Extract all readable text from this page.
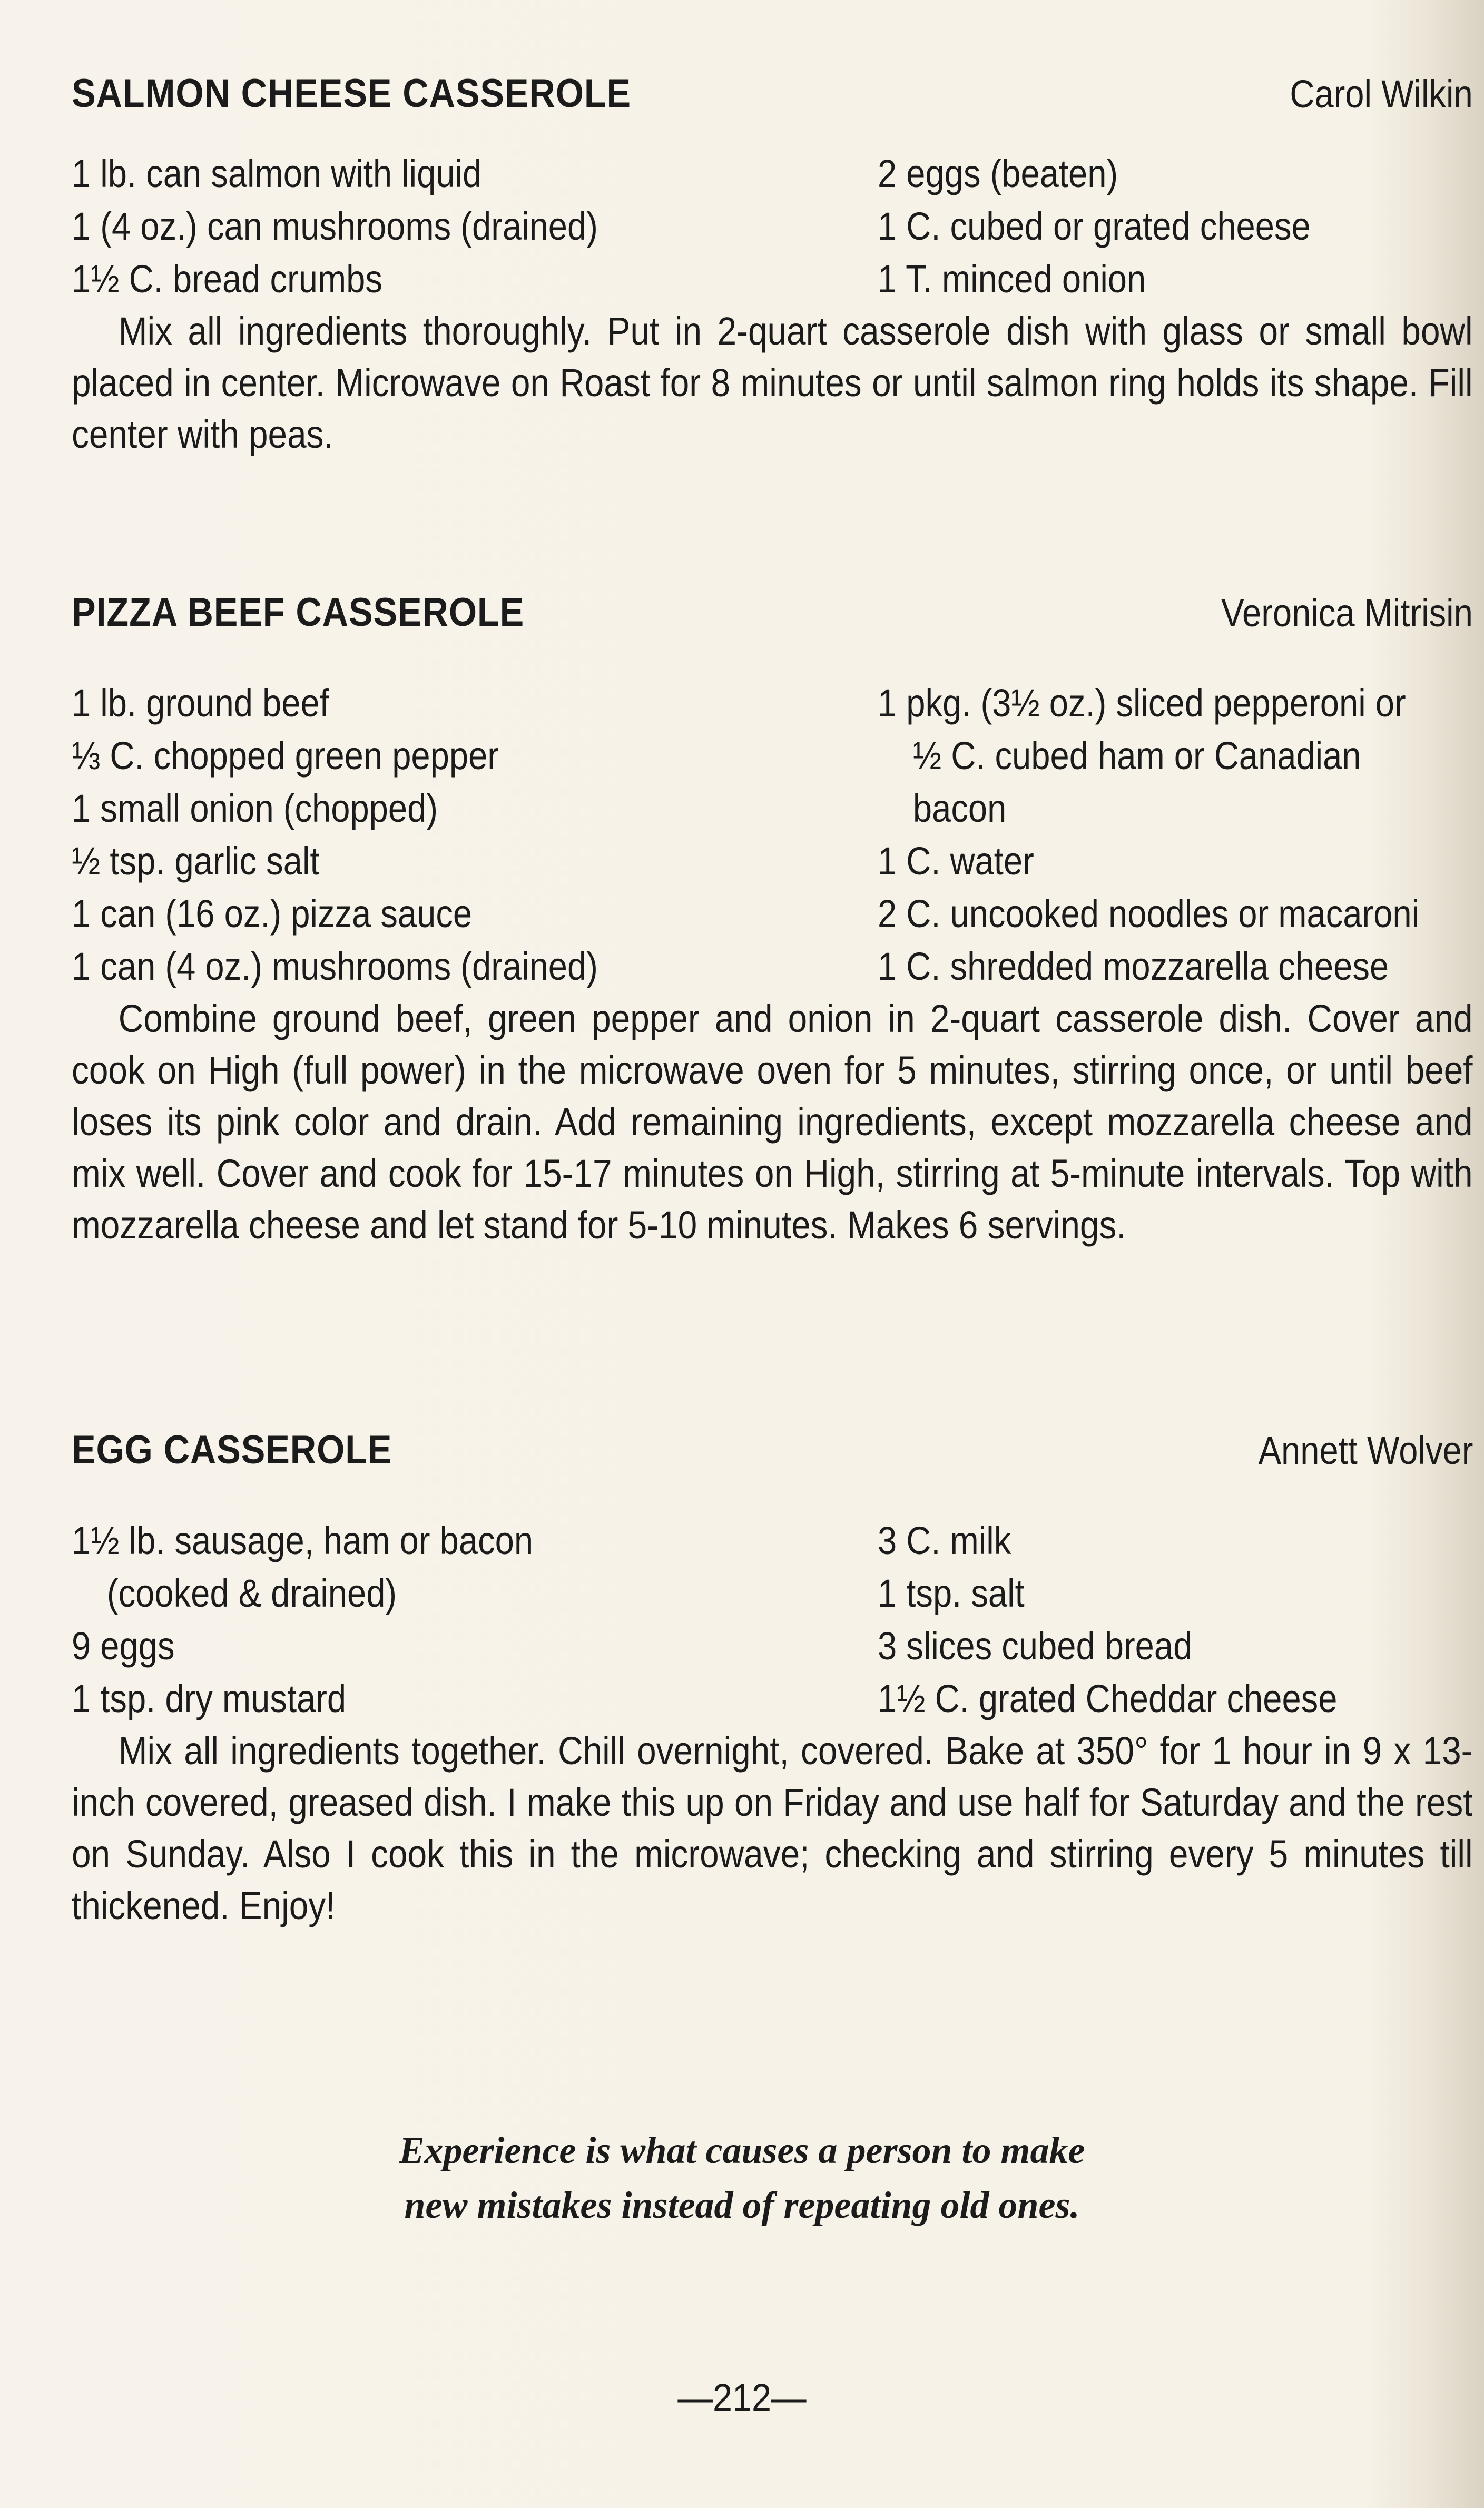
SALMON CHEESE CASSEROLE	Carol Wilkin
1 lb. can salmon with liquid
1 (4 oz.) can mushrooms (drained)
1½ C. bread crumbs
2 eggs (beaten)
1 C. cubed or grated cheese
1 T. minced onion

Mix all ingredients thoroughly. Put in 2-quart casserole dish with glass or small bowl placed in center. Microwave on Roast for 8 minutes or until salmon ring holds its shape. Fill center with peas.

PIZZA BEEF CASSEROLE	Veronica Mitrisin
1 lb. ground beef
⅓ C. chopped green pepper
1 small onion (chopped)
½ tsp. garlic salt
1 can (16 oz.) pizza sauce
1 can (4 oz.) mushrooms (drained)
1 pkg. (3½ oz.) sliced pepperoni or
½ C. cubed ham or Canadian
bacon
1 C. water
2 C. uncooked noodles or macaroni
1 C. shredded mozzarella cheese

Combine ground beef, green pepper and onion in 2-quart casserole dish. Cover and cook on High (full power) in the microwave oven for 5 minutes, stirring once, or until beef loses its pink color and drain. Add remaining ingredients, except mozzarella cheese and mix well. Cover and cook for 15-17 minutes on High, stirring at 5-minute intervals. Top with mozzarella cheese and let stand for 5-10 minutes. Makes 6 servings.

EGG CASSEROLE	Annett Wolver
1½ lb. sausage, ham or bacon
(cooked & drained)
9 eggs
1 tsp. dry mustard
3 C. milk
1 tsp. salt
3 slices cubed bread
1½ C. grated Cheddar cheese

Mix all ingredients together. Chill overnight, covered. Bake at 350° for 1 hour in 9 x 13-inch covered, greased dish. I make this up on Friday and use half for Saturday and the rest on Sunday. Also I cook this in the microwave; checking and stirring every 5 minutes till thickened. Enjoy!

Experience is what causes a person to make
new mistakes instead of repeating old ones.
—212—
